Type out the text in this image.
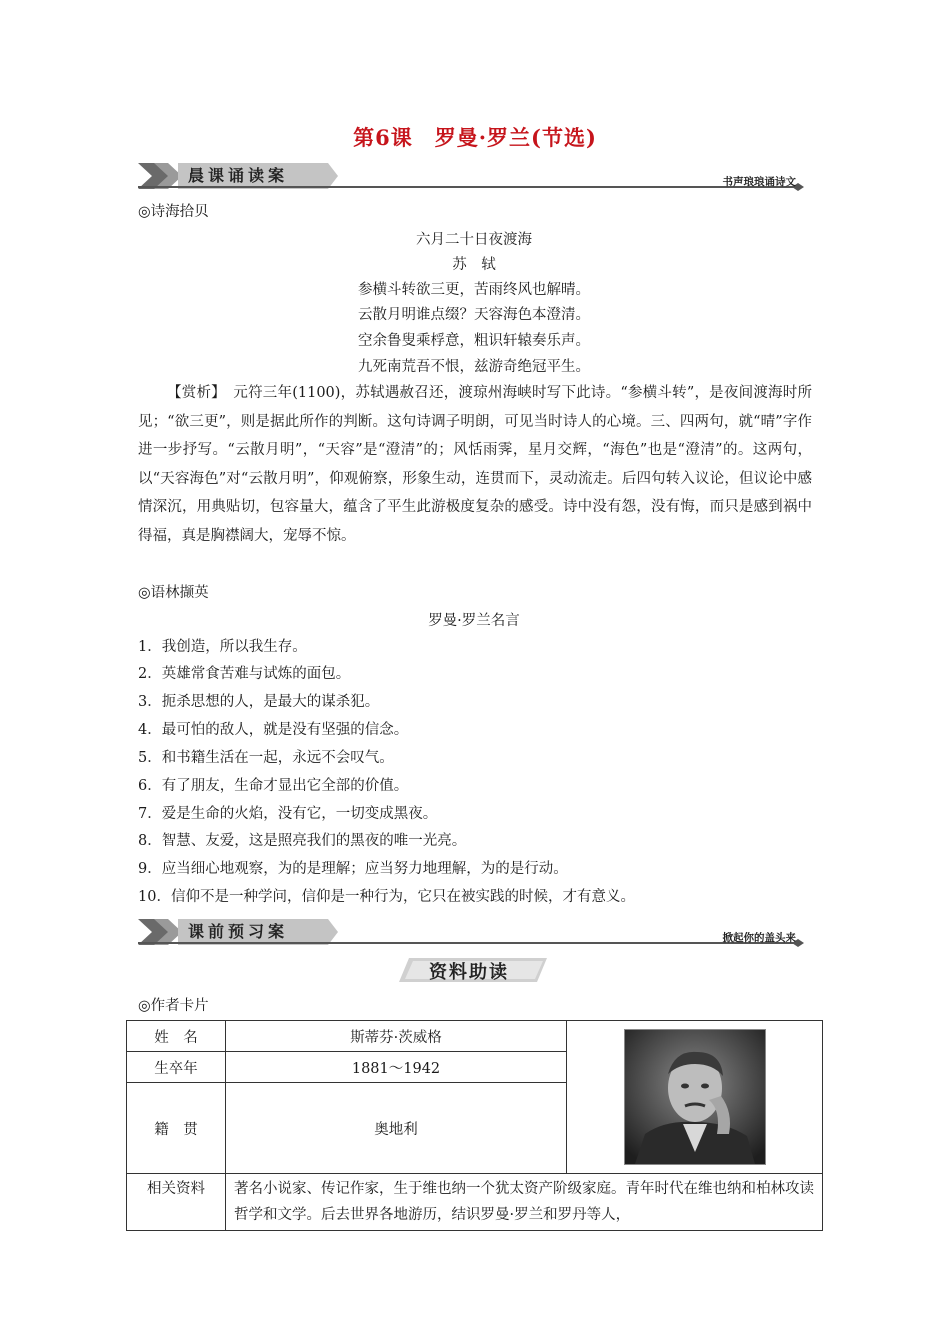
第6课　罗曼·罗兰(节选)
晨课诵读案	书声琅琅诵诗文
◎诗海拾贝
六月二十日夜渡海
苏　轼
参横斗转欲三更，苦雨终风也解晴。
云散月明谁点缀？天容海色本澄清。
空余鲁叟乘桴意，粗识轩辕奏乐声。
九死南荒吾不恨，兹游奇绝冠平生。
【赏析】　元符三年(1100)，苏轼遇赦召还，渡琼州海峡时写下此诗。“参横斗转”，是夜间渡海时所见；“欲三更”，则是据此所作的判断。这句诗调子明朗，可见当时诗人的心境。三、四两句，就“晴”字作进一步抒写。“云散月明”，“天容”是“澄清”的；风恬雨霁，星月交辉，“海色”也是“澄清”的。这两句，以“天容海色”对“云散月明”，仰观俯察，形象生动，连贯而下，灵动流走。后四句转入议论，但议论中感情深沉，用典贴切，包容量大，蕴含了平生此游极度复杂的感受。诗中没有怨，没有悔，而只是感到祸中得福，真是胸襟阔大，宠辱不惊。
◎语林撷英
罗曼·罗兰名言
1．我创造，所以我生存。
2．英雄常食苦难与试炼的面包。
3．扼杀思想的人，是最大的谋杀犯。
4．最可怕的敌人，就是没有坚强的信念。
5．和书籍生活在一起，永远不会叹气。
6．有了朋友，生命才显出它全部的价值。
7．爱是生命的火焰，没有它，一切变成黑夜。
8．智慧、友爱，这是照亮我们的黑夜的唯一光亮。
9．应当细心地观察，为的是理解；应当努力地理解，为的是行动。
10．信仰不是一种学问，信仰是一种行为，它只在被实践的时候，才有意义。
课前预习案	掀起你的盖头来
资料助读
◎作者卡片
姓　名	斯蒂芬·茨威格	

生卒年	1881～1942	
籍　贯	奥地利	
相关资料	著名小说家、传记作家，生于维也纳一个犹太资产阶级家庭。青年时代在维也纳和柏林攻读哲学和文学。后去世界各地游历，结识罗曼·罗兰和罗丹等人，	
